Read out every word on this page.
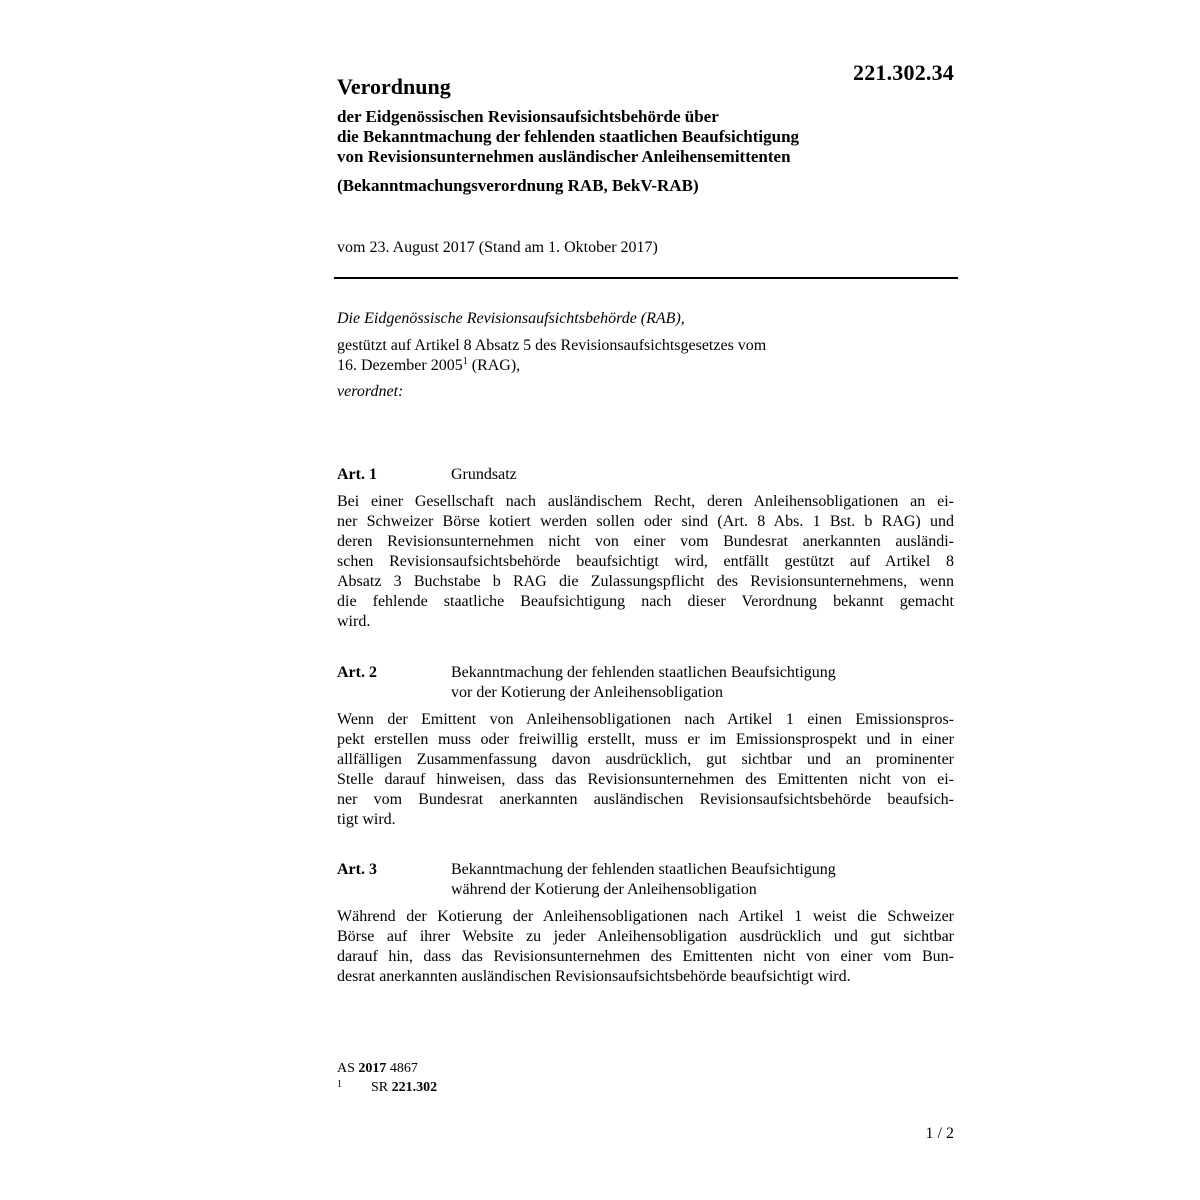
221.302.34
Verordnung
der Eidgenössischen Revisionsaufsichtsbehörde über
die Bekanntmachung der fehlenden staatlichen Beaufsichtigung
von Revisionsunternehmen ausländischer Anleihensemittenten
(Bekanntmachungsverordnung RAB, BekV-RAB)
vom 23. August 2017 (Stand am 1. Oktober 2017)

Die Eidgenössische Revisionsaufsichtsbehörde (RAB),

gestützt auf Artikel 8 Absatz 5 des Revisionsaufsichtsgesetzes vom
16. Dezember 2005$^1$ (RAG),

verordnet:

Art. 1	Grundsatz

Bei einer Gesellschaft nach ausländischem Recht, deren Anleihensobligationen an ei-
ner Schweizer Börse kotiert werden sollen oder sind (Art. 8 Abs. 1 Bst. b RAG) und
deren Revisionsunternehmen nicht von einer vom Bundesrat anerkannten ausländi-
schen Revisionsaufsichtsbehörde beaufsichtigt wird, entfällt gestützt auf Artikel 8
Absatz 3 Buchstabe b RAG die Zulassungspflicht des Revisionsunternehmens, wenn
die fehlende staatliche Beaufsichtigung nach dieser Verordnung bekannt gemacht
wird.

Art. 2	Bekanntmachung der fehlenden staatlichen Beaufsichtigung
vor der Kotierung der Anleihensobligation

Wenn der Emittent von Anleihensobligationen nach Artikel 1 einen Emissionspros-
pekt erstellen muss oder freiwillig erstellt, muss er im Emissionsprospekt und in einer
allfälligen Zusammenfassung davon ausdrücklich, gut sichtbar und an prominenter
Stelle darauf hinweisen, dass das Revisionsunternehmen des Emittenten nicht von ei-
ner vom Bundesrat anerkannten ausländischen Revisionsaufsichtsbehörde beaufsich-
tigt wird.

Art. 3	Bekanntmachung der fehlenden staatlichen Beaufsichtigung
während der Kotierung der Anleihensobligation

Während der Kotierung der Anleihensobligationen nach Artikel 1 weist die Schweizer
Börse auf ihrer Website zu jeder Anleihensobligation ausdrücklich und gut sichtbar
darauf hin, dass das Revisionsunternehmen des Emittenten nicht von einer vom Bun-
desrat anerkannten ausländischen Revisionsaufsichtsbehörde beaufsichtigt wird.

AS 2017 4867
1	SR 221.302
1 / 2
